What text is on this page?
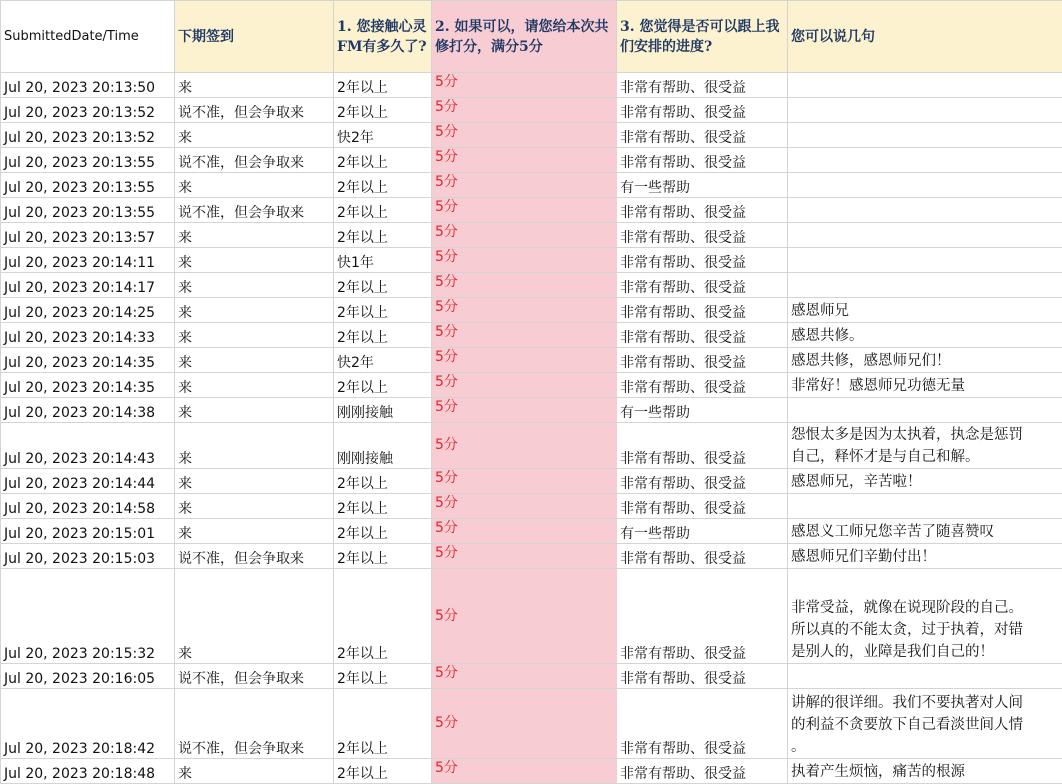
SubmittedDate/Time	下期签到	1. 您接触心灵FM有多久了?	2. 如果可以，请您给本次共修打分，满分5分	3. 您觉得是否可以跟上我们安排的进度?	您可以说几句
Jul 20, 2023 20:13:50	来	2年以上	5分	非常有帮助、很受益	
Jul 20, 2023 20:13:52	说不准，但会争取来	2年以上	5分	非常有帮助、很受益	
Jul 20, 2023 20:13:52	来	快2年	5分	非常有帮助、很受益	
Jul 20, 2023 20:13:55	说不准，但会争取来	2年以上	5分	非常有帮助、很受益	
Jul 20, 2023 20:13:55	来	2年以上	5分	有一些帮助	
Jul 20, 2023 20:13:55	说不准，但会争取来	2年以上	5分	非常有帮助、很受益	
Jul 20, 2023 20:13:57	来	2年以上	5分	非常有帮助、很受益	
Jul 20, 2023 20:14:11	来	快1年	5分	非常有帮助、很受益	
Jul 20, 2023 20:14:17	来	2年以上	5分	非常有帮助、很受益	
Jul 20, 2023 20:14:25	来	2年以上	5分	非常有帮助、很受益	感恩师兄
Jul 20, 2023 20:14:33	来	2年以上	5分	非常有帮助、很受益	感恩共修。
Jul 20, 2023 20:14:35	来	快2年	5分	非常有帮助、很受益	感恩共修，感恩师兄们！
Jul 20, 2023 20:14:35	来	2年以上	5分	非常有帮助、很受益	非常好！感恩师兄功德无量
Jul 20, 2023 20:14:38	来	刚刚接触	5分	有一些帮助	
Jul 20, 2023 20:14:43	来	刚刚接触	5分	非常有帮助、很受益	怨恨太多是因为太执着，执念是惩罚
自己，释怀才是与自己和解。

Jul 20, 2023 20:14:44	来	2年以上	5分	非常有帮助、很受益	感恩师兄，辛苦啦！
Jul 20, 2023 20:14:58	来	2年以上	5分	非常有帮助、很受益	
Jul 20, 2023 20:15:01	来	2年以上	5分	有一些帮助	感恩义工师兄您辛苦了随喜赞叹
Jul 20, 2023 20:15:03	说不准，但会争取来	2年以上	5分	非常有帮助、很受益	感恩师兄们辛勤付出！
Jul 20, 2023 20:15:32	来	2年以上	5分	非常有帮助、很受益	非常受益，就像在说现阶段的自己。
所以真的不能太贪，过于执着，对错
是别人的，业障是我们自己的！

Jul 20, 2023 20:16:05	说不准，但会争取来	2年以上	5分	非常有帮助、很受益	
Jul 20, 2023 20:18:42	说不准，但会争取来	2年以上	5分	非常有帮助、很受益	讲解的很详细。我们不要执著对人间
的利益不贪要放下自己看淡世间人情
。

Jul 20, 2023 20:18:48	来	2年以上	5分	非常有帮助、很受益	执着产生烦恼，痛苦的根源
